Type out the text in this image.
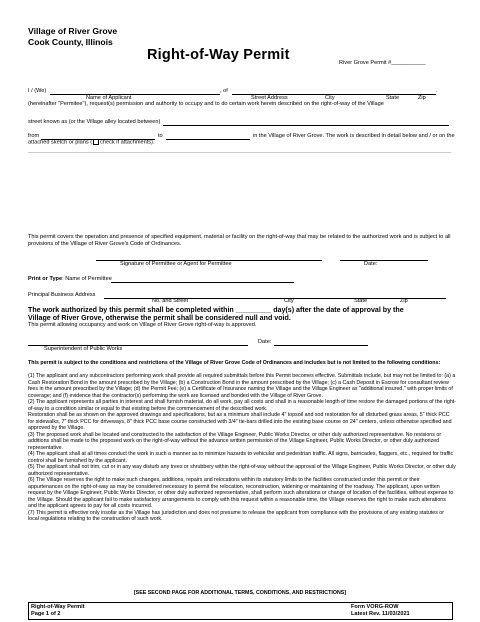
Village of River Grove
Cook County, Illinois
Right-of-Way Permit	River Grove Permit #___________
I / (We)	, of	.
Name of Applicant	Street Address	City	State	Zip
(hereinafter "Permitee"), request(s) permission and authority to occupy and to do certain work herein described on the right-of-way of the Village
street known as (or the Village alley located between)
from	to	in the Village of River Grove. The work is described in detail below and / or on the
attached sketch or plans ( check if attachments).
This permit covers the operation and presence of specified equipment, material or facility on the right-of-way that may be related to the authorized work and is subject to all provisions of the Village of River Grove's Code of Ordinances.
Signature of Permittee or Agent for Permittee	Date:
Print or Type: Name of Permittee
Principal Business Address
No. and Street	City	State	Zip
The work authorized by this permit shall be completed within _________ day(s) after the date of approval by the
Village of River Grove, otherwise the permit shall be considered null and void.
This permit allowing occupancy and work on Village of River Grove right-of-way is approved.
Date:
Superintendent of Public Works
This permit is subject to the conditions and restrictions of the Village of River Grove Code of Ordinances and includes but is not limited to the following conditions:

(1) The applicant and any subcontractors performing work shall provide all required submittals before this Permit becomes effective. Submittals include, but may not be limited to: (a) a Cash Restoration Bond in the amount prescribed by the Village; (b) a Construction Bond in the amount prescribed by the Village; (c) a Cash Deposit in Escrow for consultant review fees in the amount prescribed by the Village; (d) the Permit Fee; (e) a Certificate of Insurance naming the Village and the Village Engineer as "additional insured," with proper limits of coverage; and (f) evidence that the contractor(s) performing the work are licensed and bonded with the Village of River Grove.

(2) The applicant represents all parties in interest and shall furnish material, do all work, pay all costs and shall in a reasonable length of time restore the damaged portions of the right-of-way to a condition similar or equal to that existing before the commencement of the described work.

Restoration shall be as shown on the approved drawings and specifications, but as a minimum shall include 4" topsoil and sod restoration for all disturbed grass areas, 5" thick PCC for sidewalks, 7" thick PCC for driveways, 8" thick PCC base course constructed with 3/4" tie-bars drilled into the existing base course on 24" centers, unless otherwise specified and approved by the Village.

(3) The proposed work shall be located and constructed to the satisfaction of the Village Engineer, Public Works Director, or other duly authorized representative. No revisions or additions shall be made to the proposed work on the right-of-way without the advance written permission of the Village Engineer, Public Works Director, or other duly authorized representative.

(4) The applicant shall at all times conduct the work in such a manner as to minimize hazards to vehicular and pedestrian traffic. All signs, barricades, flaggers, etc., required for traffic control shall be furnished by the applicant.

(5) The applicant shall not trim, cut or in any way disturb any trees or shrubbery within the right-of-way without the approval of the Village Engineer, Public Works Director, or other duly authorized representative.

(6) The Village reserves the right to make such changes, additions, repairs and relocations within its statutory limits to the facilities constructed under this permit or their appurtenances on the right-of-way as may be considered necessary to permit the relocation, reconstruction, widening or maintaining of the roadway. The applicant, upon written request by the Village Engineer, Public Works Director, or other duly authorized representative, shall perform such alterations or change of location of the facilities, without expense to the Village. Should the applicant fail to make satisfactory arrangements to comply with this request within a reasonable time, the Village reserves the right to make such alterations and the applicant agrees to pay for all costs incurred.

(7) This permit is effective only insofar as the Village has jurisdiction and does not presume to release the applicant from compliance with the provisions of any existing statutes or local regulations relating to the construction of such work.

[SEE SECOND PAGE FOR ADDITIONAL TERMS, CONDITIONS, AND RESTRICTIONS]
Right-of-Way Permit
Page 1 of 2
Form VORG-ROW
Latest Rev. 11/03/2021
